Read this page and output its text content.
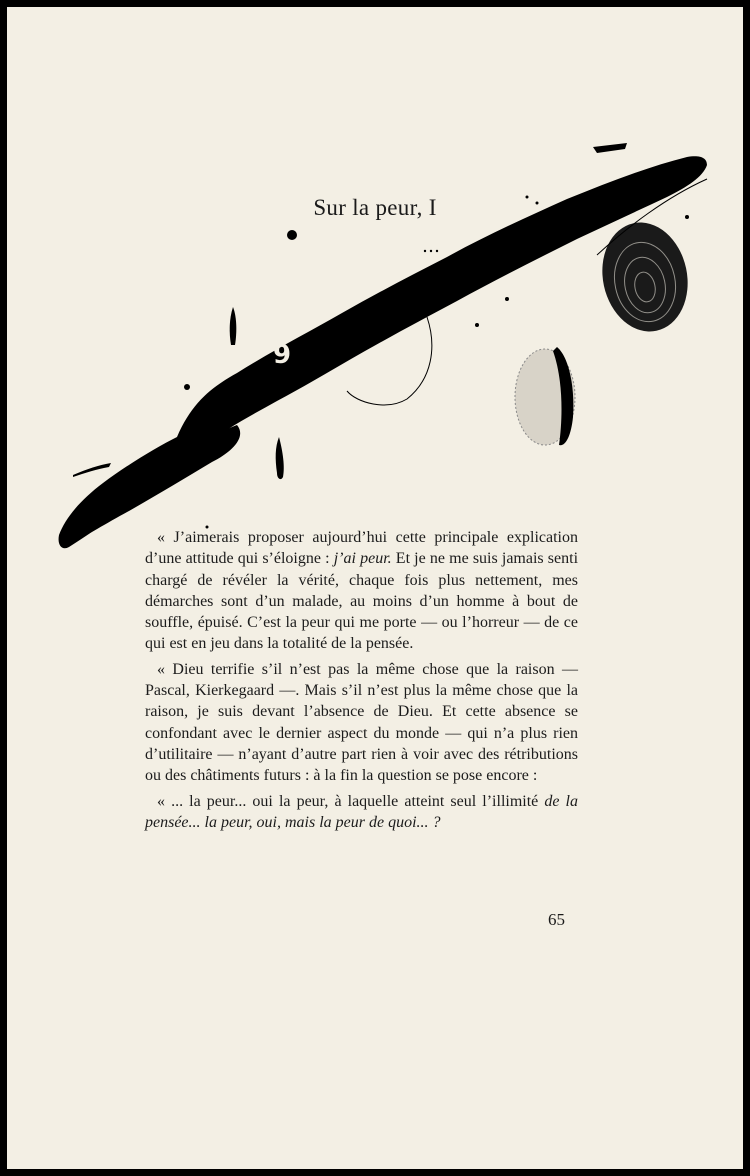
8
9
Sur la peur, I

« J’aimerais proposer aujourd’hui cette principale explication d’une attitude qui s’éloigne : j’ai peur. Et je ne me suis jamais senti chargé de révéler la vérité, chaque fois plus nettement, mes démarches sont d’un malade, au moins d’un homme à bout de souffle, épuisé. C’est la peur qui me porte — ou l’horreur — de ce qui est en jeu dans la totalité de la pensée.

« Dieu terrifie s’il n’est pas la même chose que la raison — Pascal, Kierkegaard —. Mais s’il n’est plus la même chose que la raison, je suis devant l’absence de Dieu. Et cette absence se confondant avec le dernier aspect du monde — qui n’a plus rien d’utilitaire — n’ayant d’autre part rien à voir avec des rétributions ou des châtiments futurs : à la fin la question se pose encore :

« ... la peur... oui la peur, à laquelle atteint seul l’illimité de la pensée... la peur, oui, mais la peur de quoi... ?

65
